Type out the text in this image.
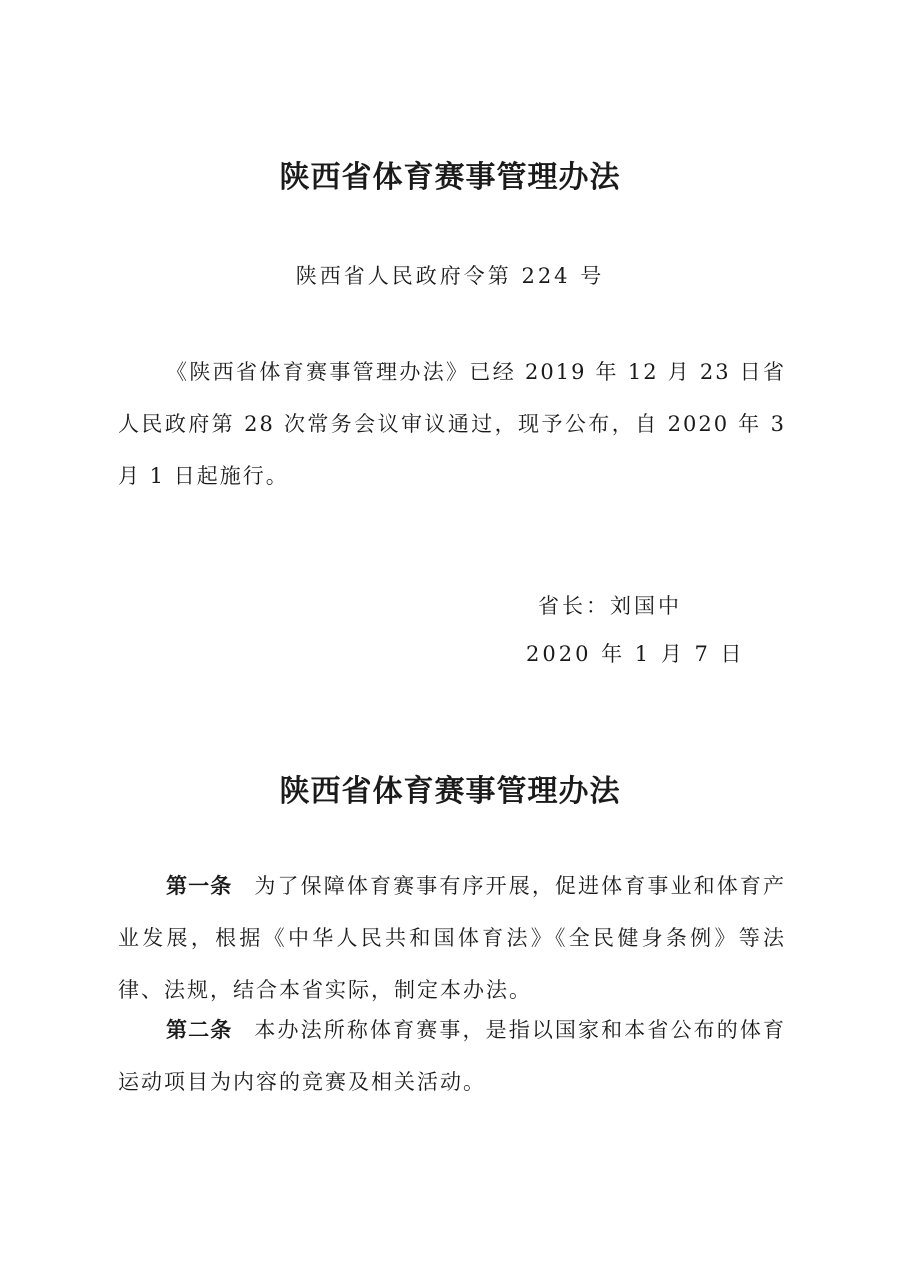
陕西省体育赛事管理办法
陕西省人民政府令第 224 号
《陕西省体育赛事管理办法》已经 2019 年 12 月 23 日省人民政府第 28 次常务会议审议通过，现予公布，自 2020 年 3 月 1 日起施行。
省长：刘国中
2020 年 1 月 7 日
陕西省体育赛事管理办法
第一条 为了保障体育赛事有序开展，促进体育事业和体育产业发展，根据《中华人民共和国体育法》《全民健身条例》等法律、法规，结合本省实际，制定本办法。
第二条 本办法所称体育赛事，是指以国家和本省公布的体育运动项目为内容的竞赛及相关活动。
